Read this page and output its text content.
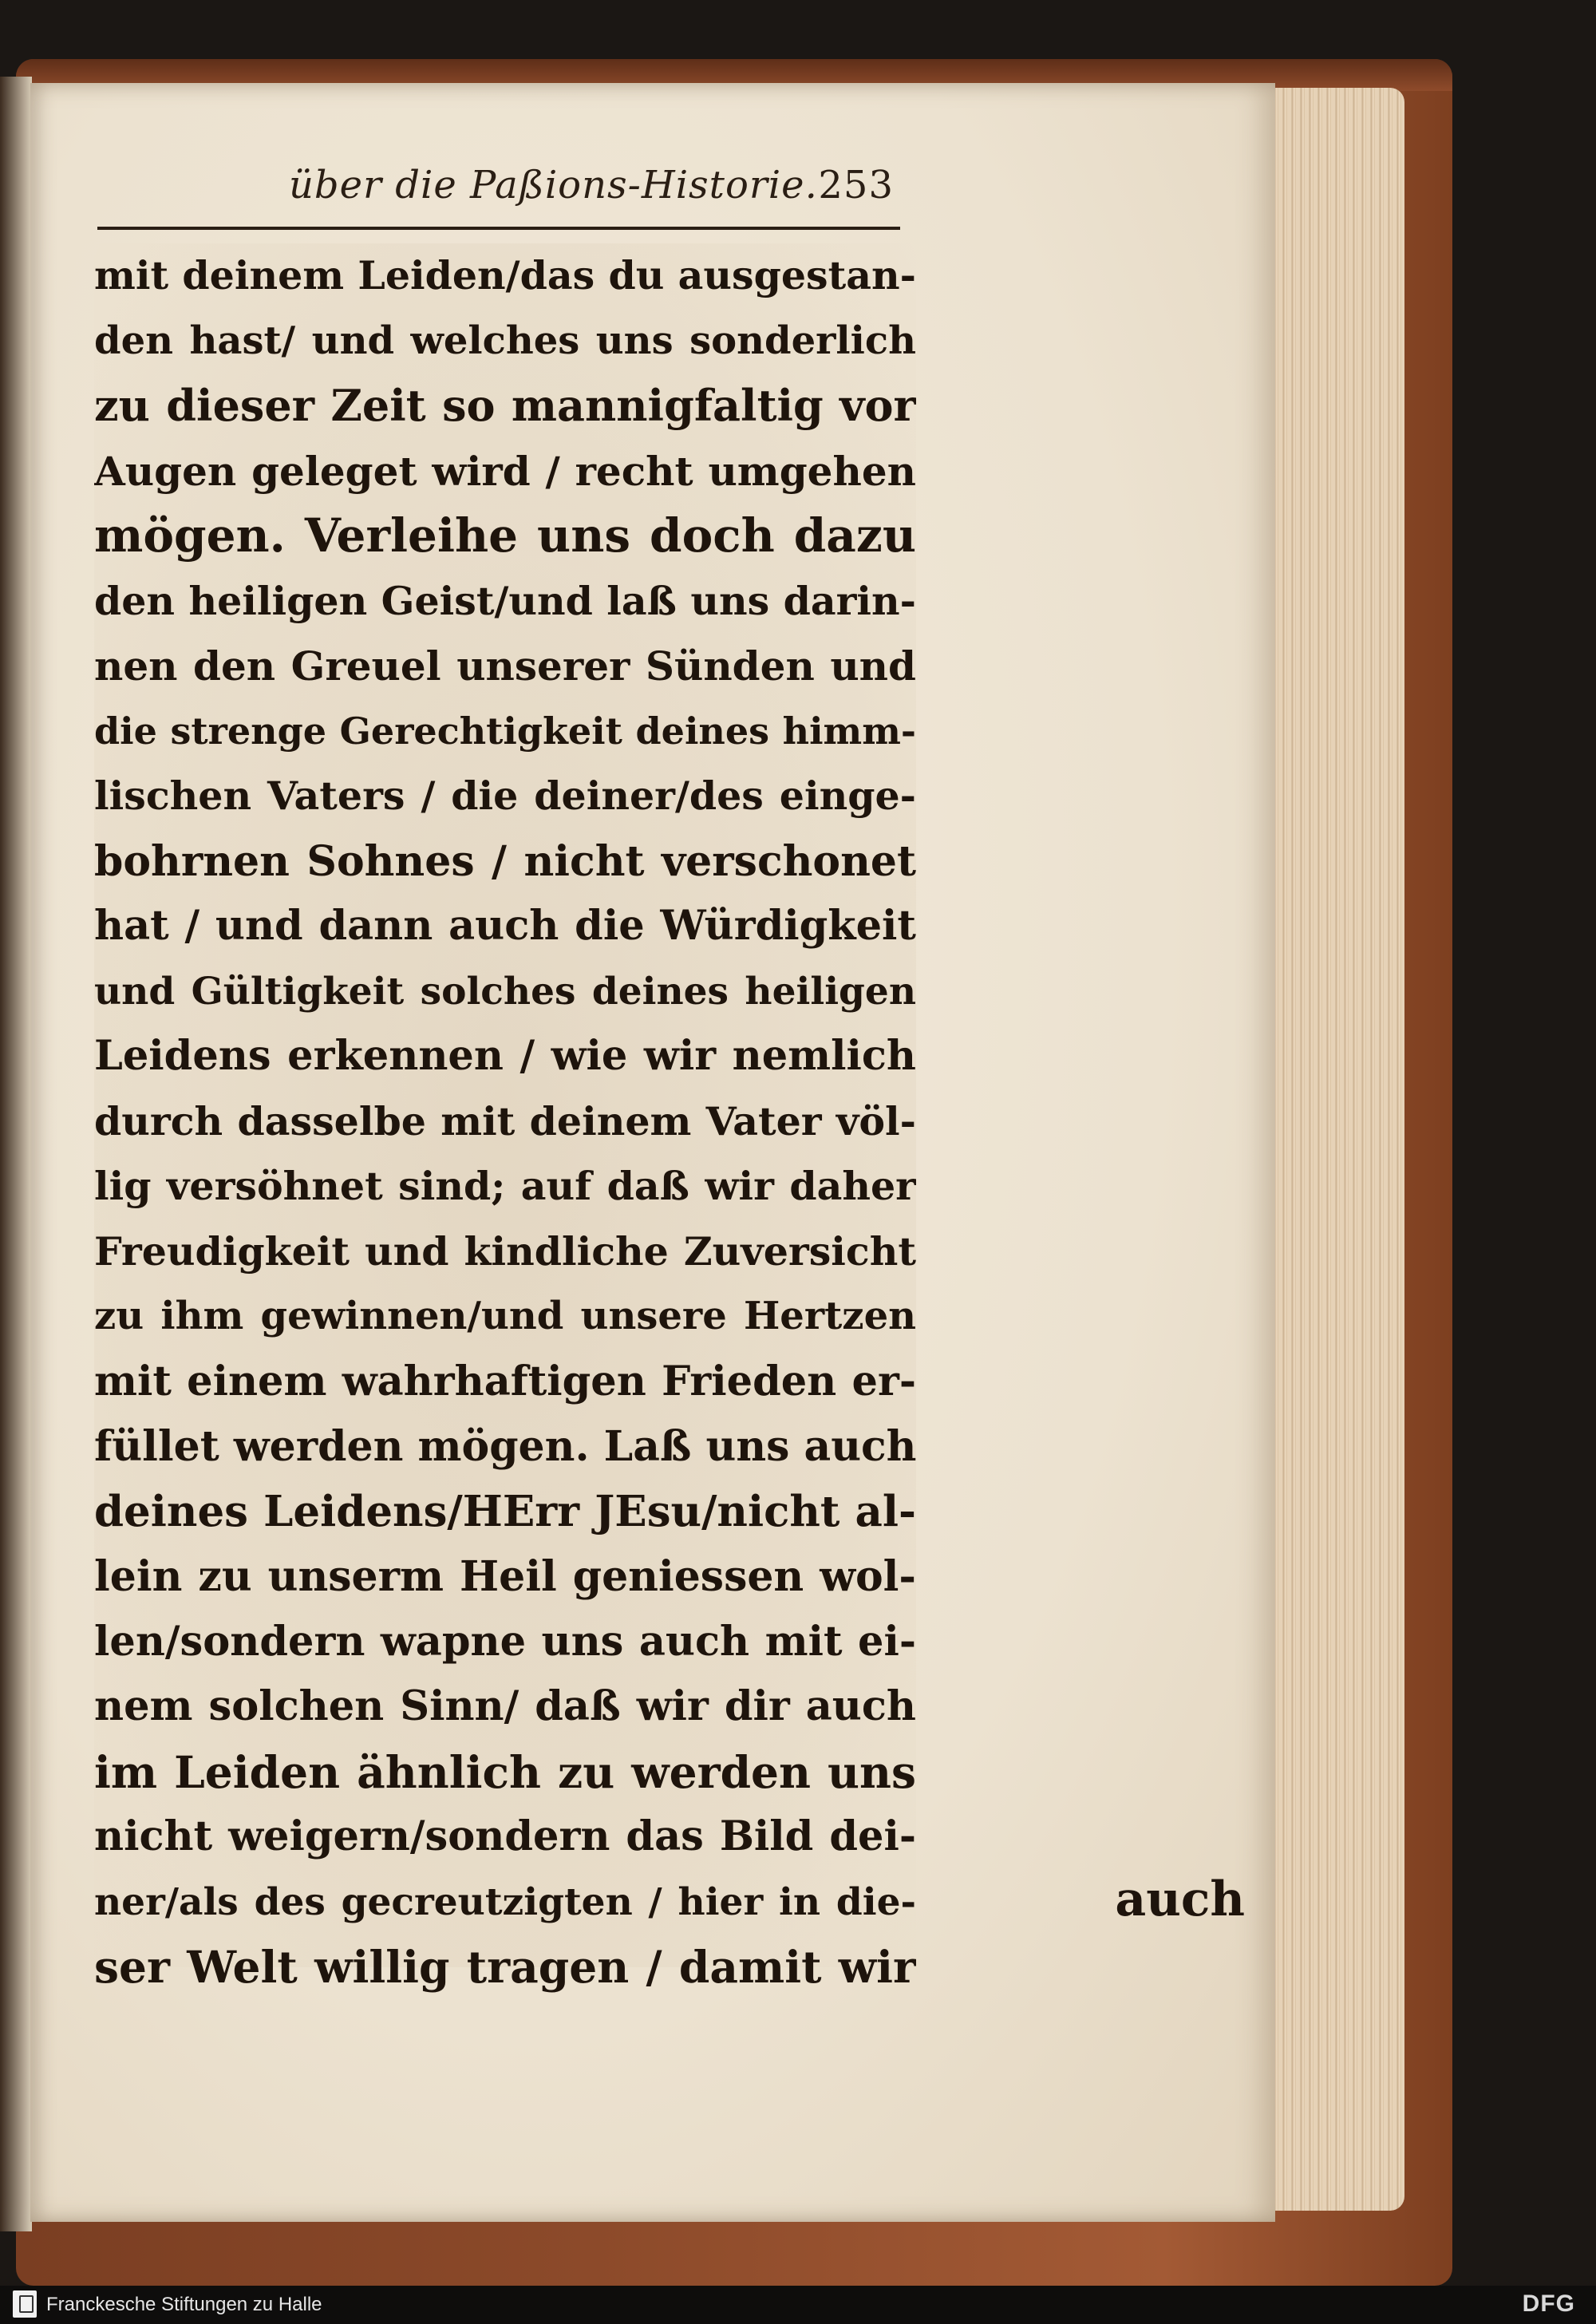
über die Paßions-Historie. 253
mit deinem Leiden/das du ausgestan-
den hast/ und welches uns sonderlich
zu dieser Zeit so mannigfaltig vor
Augen geleget wird / recht umgehen
mögen. Verleihe uns doch dazu
den heiligen Geist/und laß uns darin-
nen den Greuel unserer Sünden und
die strenge Gerechtigkeit deines himm-
lischen Vaters / die deiner/des einge-
bohrnen Sohnes / nicht verschonet
hat / und dann auch die Würdigkeit
und Gültigkeit solches deines heiligen
Leidens erkennen / wie wir nemlich
durch dasselbe mit deinem Vater völ-
lig versöhnet sind; auf daß wir daher
Freudigkeit und kindliche Zuversicht
zu ihm gewinnen/und unsere Hertzen
mit einem wahrhaftigen Frieden er-
füllet werden mögen. Laß uns auch
deines Leidens/HErr JEsu/nicht al-
lein zu unserm Heil geniessen wol-
len/sondern wapne uns auch mit ei-
nem solchen Sinn/ daß wir dir auch
im Leiden ähnlich zu werden uns
nicht weigern/sondern das Bild dei-
ner/als des gecreutzigten / hier in die-
ser Welt willig tragen / damit wir
auch
Franckesche Stiftungen zu Halle	DFG
